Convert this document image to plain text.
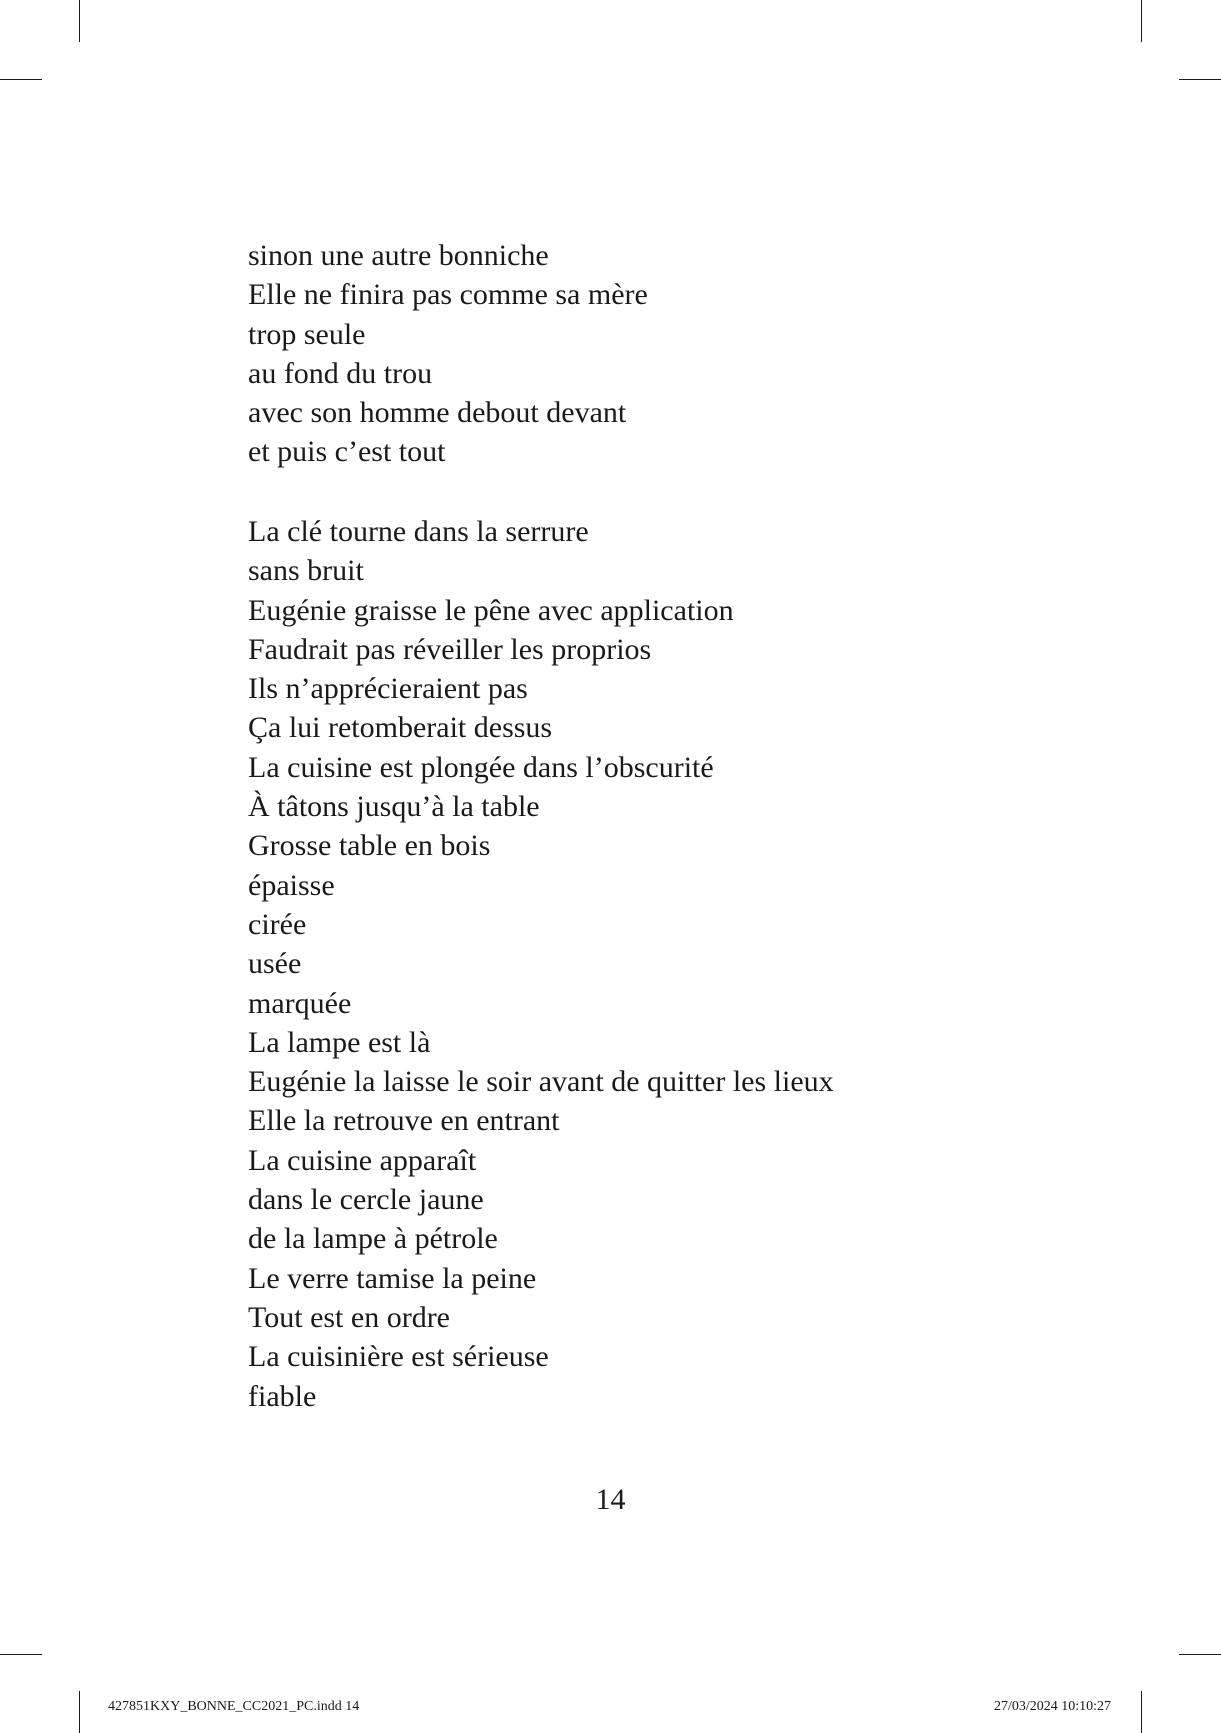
sinon une autre bonniche
Elle ne finira pas comme sa mère
trop seule
au fond du trou
avec son homme debout devant
et puis c’est tout
La clé tourne dans la serrure
sans bruit
Eugénie graisse le pêne avec application
Faudrait pas réveiller les proprios
Ils n’apprécieraient pas
Ça lui retomberait dessus
La cuisine est plongée dans l’obscurité
À tâtons jusqu’à la table
Grosse table en bois
épaisse
cirée
usée
marquée
La lampe est là
Eugénie la laisse le soir avant de quitter les lieux
Elle la retrouve en entrant
La cuisine apparaît
dans le cercle jaune
de la lampe à pétrole
Le verre tamise la peine
Tout est en ordre
La cuisinière est sérieuse
fiable
14
427851KXY_BONNE_CC2021_PC.indd 14	27/03/2024 10:10:27
